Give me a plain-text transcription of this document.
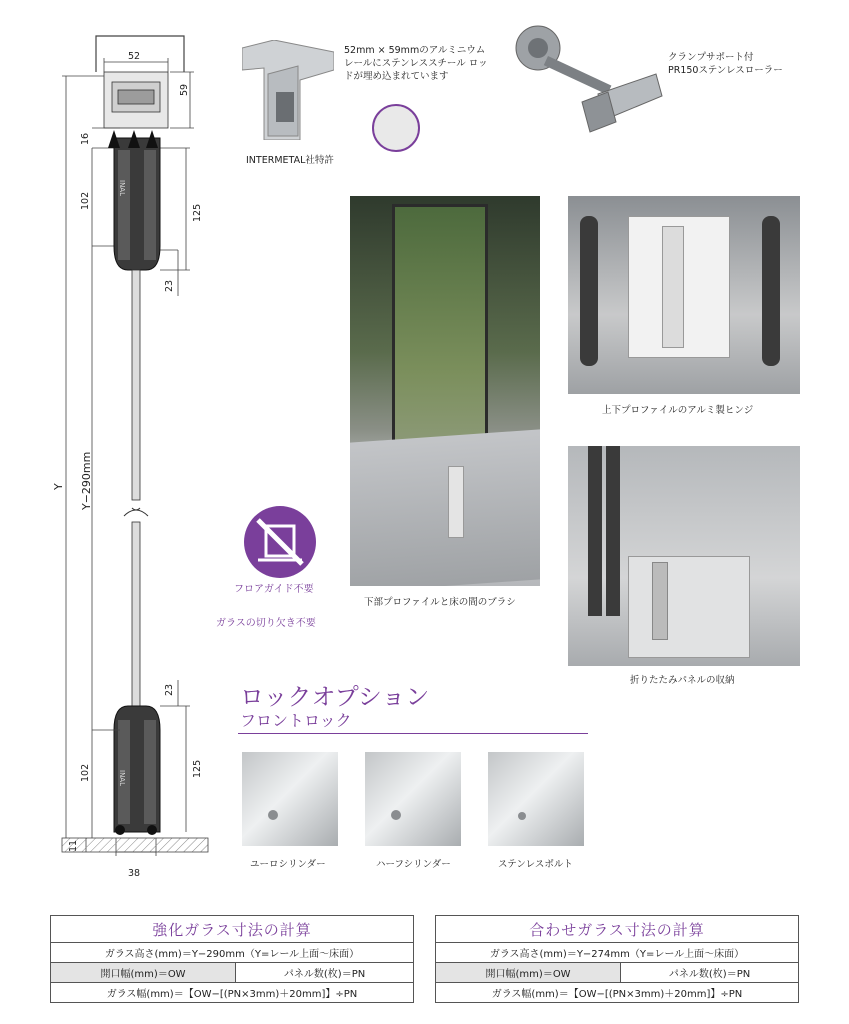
52
59
16
102
125
23
Y Y−290mm
23
102	125
11
38
INAL
INAL
52mm × 59mmのアルミニウム レールにステンレススチール ロッドが埋め込まれています
INTERMETAL社特許
クランプサポート付
PR150ステンレスローラー
フロアガイド不要
ガラスの切り欠き不要
下部プロファイルと床の間のブラシ
上下プロファイルのアルミ製ヒンジ
折りたたみパネルの収納
ロックオプション
フロントロック
ユーロシリンダー	ハーフシリンダー	ステンレスボルト
強化ガラス寸法の計算
ガラス高さ(mm)＝Y−290mm（Y=レール上面〜床面）
開口幅(mm)＝OW	パネル数(枚)＝PN
ガラス幅(mm)＝【OW−[(PN×3mm)＋20mm]】÷PN
合わせガラス寸法の計算
ガラス高さ(mm)＝Y−274mm（Y=レール上面〜床面）
開口幅(mm)＝OW	パネル数(枚)＝PN
ガラス幅(mm)＝【OW−[(PN×3mm)＋20mm]】÷PN
